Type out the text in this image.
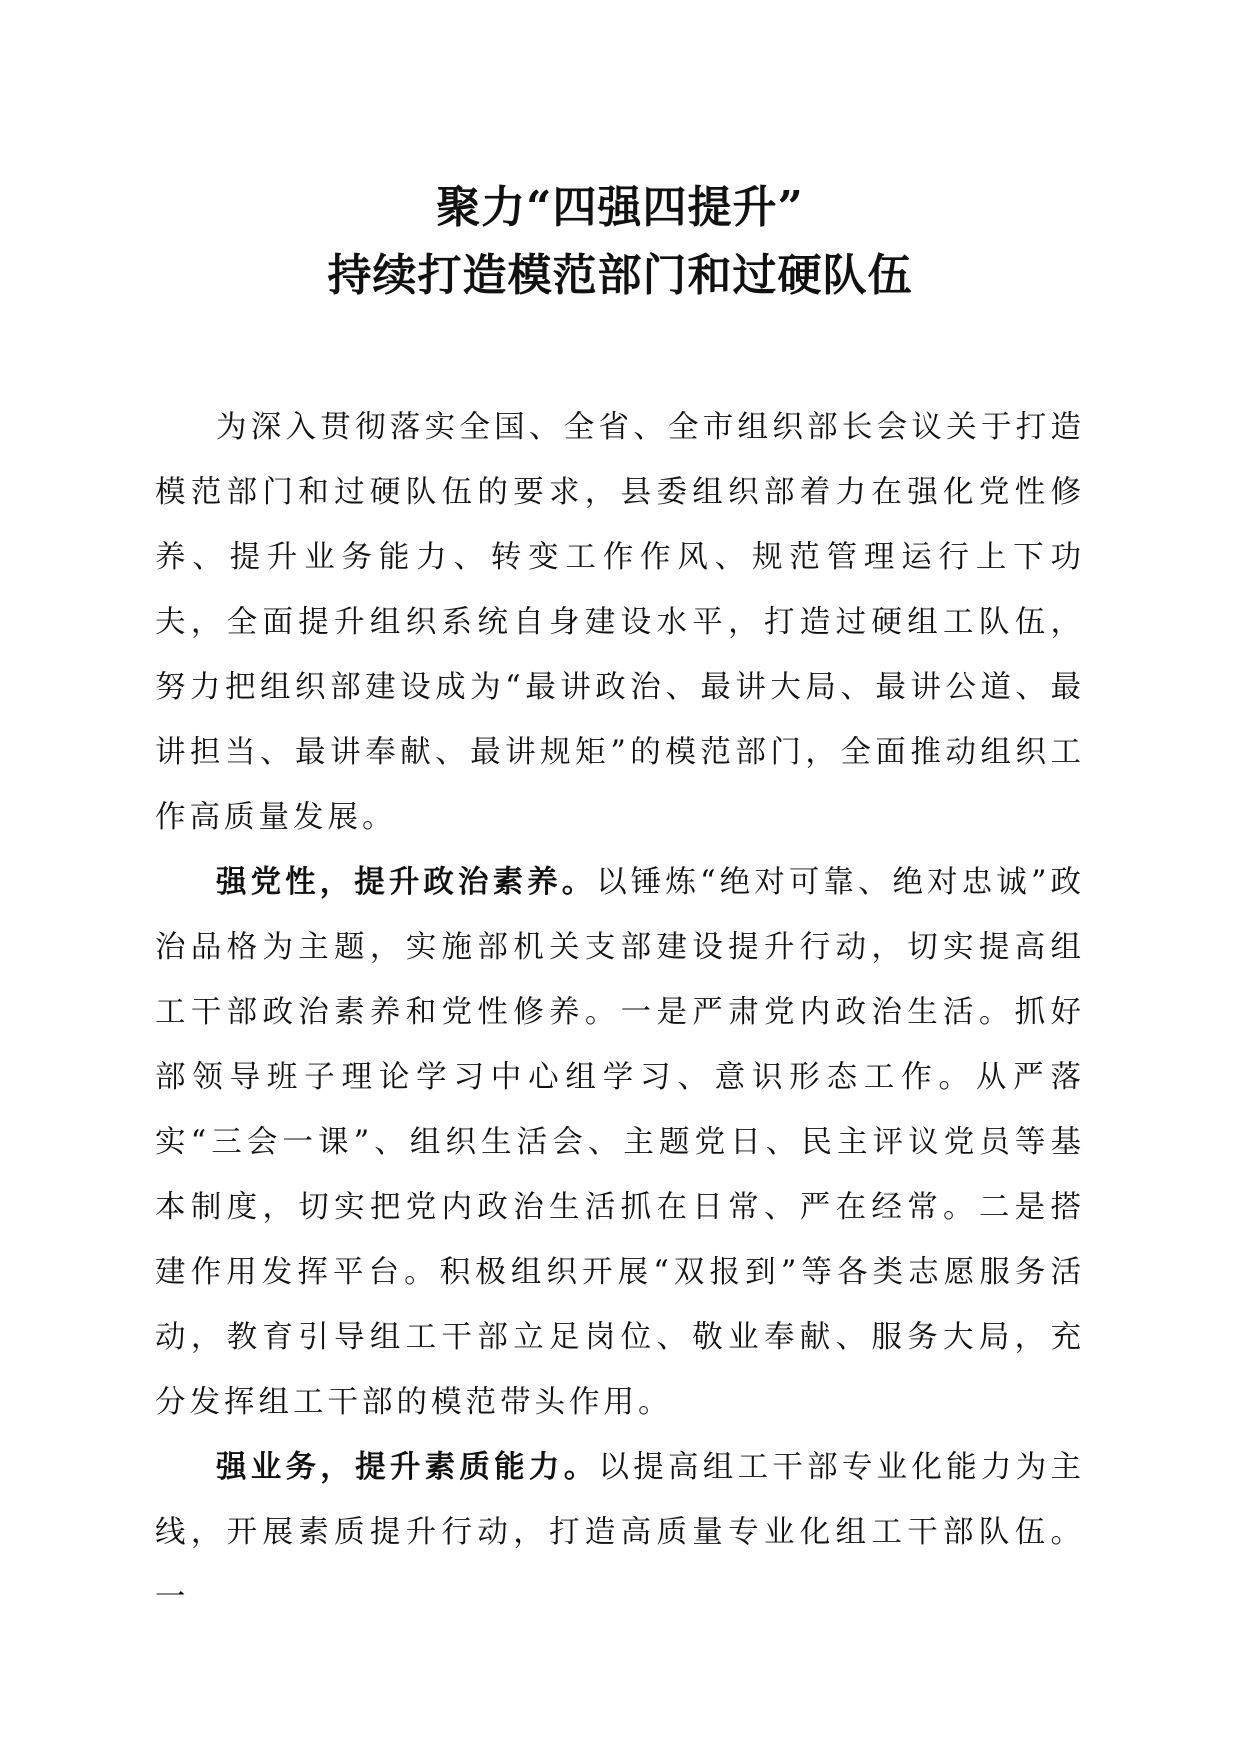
聚力“四强四提升”
持续打造模范部门和过硬队伍

为深入贯彻落实全国、全省、全市组织部长会议关于打造模范部门和过硬队伍的要求，县委组织部着力在强化党性修养、提升业务能力、转变工作作风、规范管理运行上下功夫，全面提升组织系统自身建设水平，打造过硬组工队伍，努力把组织部建设成为“最讲政治、最讲大局、最讲公道、最讲担当、最讲奉献、最讲规矩”的模范部门，全面推动组织工作高质量发展。

强党性，提升政治素养。以锤炼“绝对可靠、绝对忠诚”政治品格为主题，实施部机关支部建设提升行动，切实提高组工干部政治素养和党性修养。一是严肃党内政治生活。抓好部领导班子理论学习中心组学习、意识形态工作。从严落实“三会一课”、组织生活会、主题党日、民主评议党员等基本制度，切实把党内政治生活抓在日常、严在经常。二是搭建作用发挥平台。积极组织开展“双报到”等各类志愿服务活动，教育引导组工干部立足岗位、敬业奉献、服务大局，充分发挥组工干部的模范带头作用。

强业务，提升素质能力。以提高组工干部专业化能力为主线，开展素质提升行动，打造高质量专业化组工干部队伍。一
